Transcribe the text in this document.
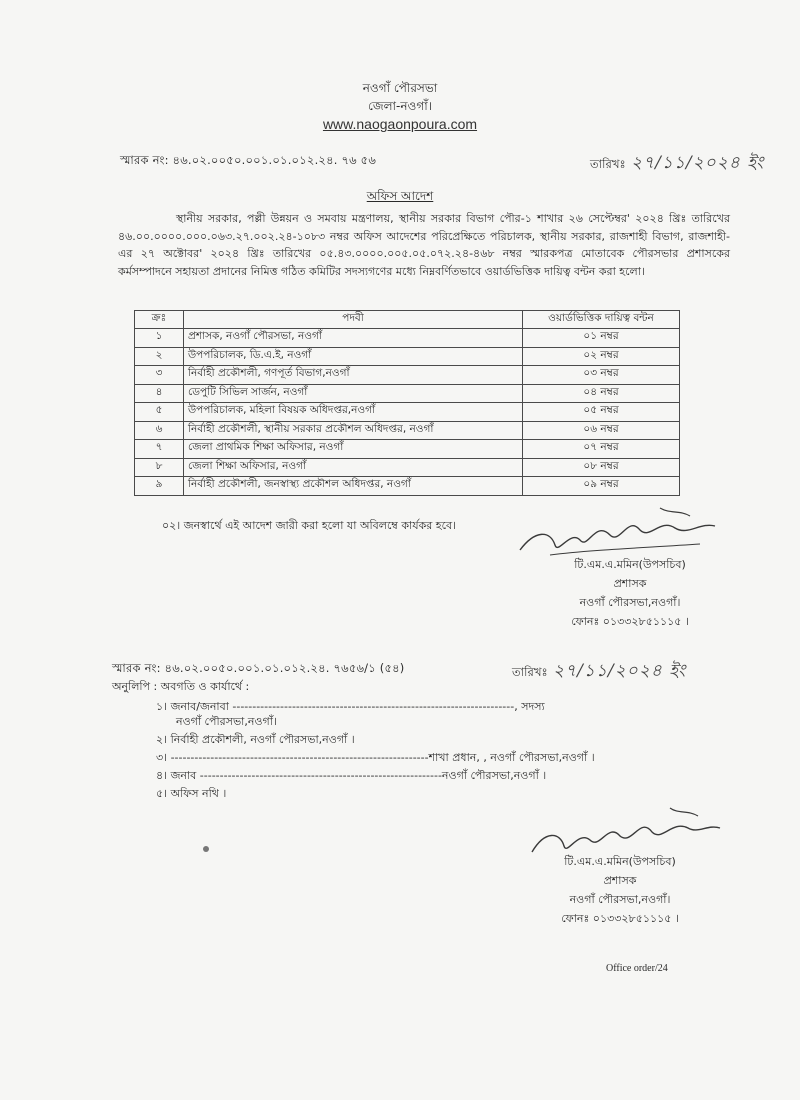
নওগাঁ পৌরসভা
জেলা-নওগাঁ।
www.naogaonpoura.com
স্মারক নং: ৪৬.০২.০০৫০.০০১.০১.০১২.২৪. ৭৬ ৫৬	তারিখঃ ২৭/১১/২০২৪ ইং
অফিস আদেশ
স্থানীয় সরকার, পল্লী উন্নয়ন ও সমবায় মন্ত্রণালয়, স্থানীয় সরকার বিভাগ পৌর-১ শাখার ২৬ সেপ্টেম্বর' ২০২৪ খ্রিঃ তারিখের ৪৬.০০.০০০০.০০০.০৬৩.২৭.০০২.২৪-১০৮৩ নম্বর অফিস আদেশের পরিপ্রেক্ষিতে পরিচালক, স্থানীয় সরকার, রাজশাহী বিভাগ, রাজশাহী-এর ২৭ অক্টোবর' ২০২৪ খ্রিঃ তারিখের ০৫.৪৩.০০০০.০০৫.০৫.০৭২.২৪-৪৬৮ নম্বর স্মারকপত্র মোতাবেক পৌরসভার প্রশাসকের কর্মসম্পাদনে সহায়তা প্রদানের নিমিত্ত গঠিত কমিটির সদস্যগণের মধ্যে নিম্নবর্ণিতভাবে ওয়ার্ডভিত্তিক দায়িত্ব বন্টন করা হলো।
ক্রঃ	পদবী	ওয়ার্ডভিত্তিক দায়িত্ব বন্টন
১	প্রশাসক, নওগাঁ পৌরসভা, নওগাঁ	০১ নম্বর
২	উপপরিচালক, ডি.এ.ই, নওগাঁ	০২ নম্বর
৩	নির্বাহী প্রকৌশলী, গণপূর্ত বিভাগ,নওগাঁ	০৩ নম্বর
৪	ডেপুটি সিভিল সার্জন, নওগাঁ	০৪ নম্বর
৫	উপপরিচালক, মহিলা বিষয়ক অধিদপ্তর,নওগাঁ	০৫ নম্বর
৬	নির্বাহী প্রকৌশলী, স্থানীয় সরকার প্রকৌশল অধিদপ্তর, নওগাঁ	০৬ নম্বর
৭	জেলা প্রাথমিক শিক্ষা অফিসার, নওগাঁ	০৭ নম্বর
৮	জেলা শিক্ষা অফিসার, নওগাঁ	০৮ নম্বর
৯	নির্বাহী প্রকৌশলী, জনস্বাস্থ্য প্রকৌশল অধিদপ্তর, নওগাঁ	০৯ নম্বর
০২। জনস্বার্থে এই আদেশ জারী করা হলো যা অবিলম্বে কার্যকর হবে।
টি.এম.এ.মমিন(উপসচিব)
প্রশাসক
নওগাঁ পৌরসভা,নওগাঁ।
ফোনঃ ০১৩৩২৮৫১১১৫ ।
স্মারক নং: ৪৬.০২.০০৫০.০০১.০১.০১২.২৪. ৭৬৫৬/১ (৫৪)	তারিখঃ ২৭/১১/২০২৪ ইং
অনুলিপি : অবগতি ও কার্যার্থে :
১। জনাব/জনাবা -----------------------------------------------------------------------, সদস্য
নওগাঁ পৌরসভা,নওগাঁ।
২। নির্বাহী প্রকৌশলী, নওগাঁ পৌরসভা,নওগাঁ ।
৩। -----------------------------------------------------------------শাখা প্রধান, , নওগাঁ পৌরসভা,নওগাঁ ।
৪। জনাব -------------------------------------------------------------নওগাঁ পৌরসভা,নওগাঁ ।
৫। অফিস নথি ।
টি.এম.এ.মমিন(উপসচিব)
প্রশাসক
নওগাঁ পৌরসভা,নওগাঁ।
ফোনঃ ০১৩৩২৮৫১১১৫ ।
Office order/24
